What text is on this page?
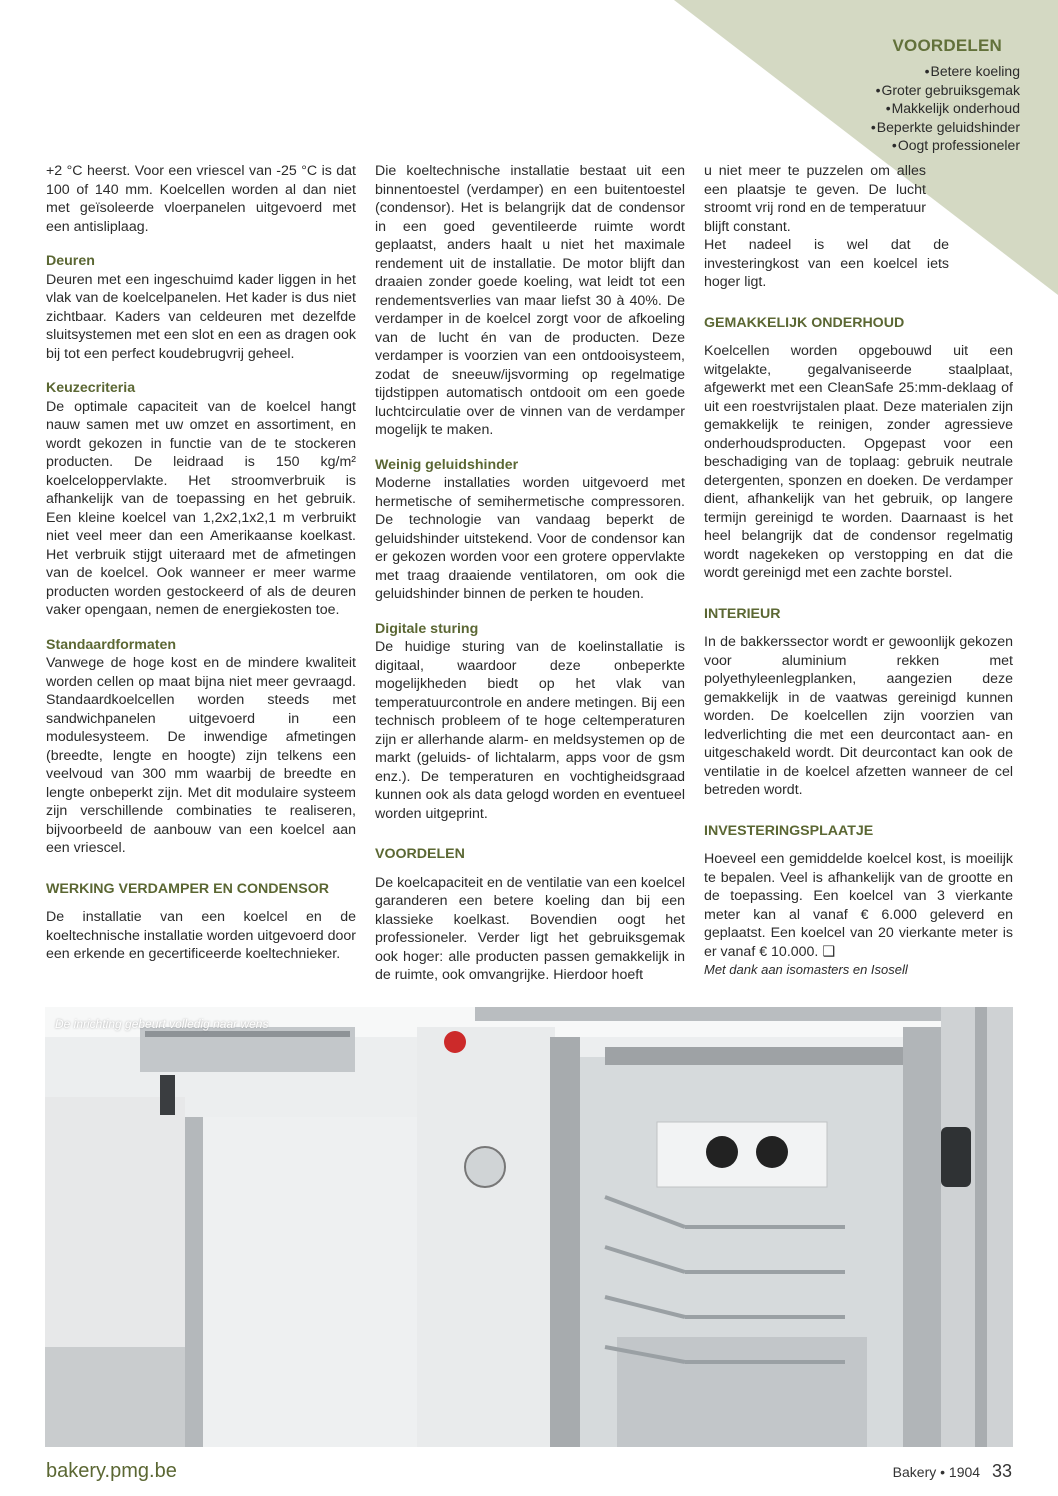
VOORDELEN
• Betere koeling
• Groter gebruiksgemak
• Makkelijk onderhoud
• Beperkte geluidshinder
• Oogt professioneler

+2 °C heerst. Voor een vriescel van -25 °C is dat 100 of 140 mm. Koelcellen worden al dan niet met geïsoleerde vloerpanelen uitgevoerd met een antisliplaag.

Deuren

Deuren met een ingeschuimd kader liggen in het vlak van de koelcelpanelen. Het kader is dus niet zichtbaar. Kaders van celdeuren met dezelfde sluitsystemen met een slot en een as dragen ook bij tot een perfect koudebrugvrij geheel.

Keuzecriteria

De optimale capaciteit van de koelcel hangt nauw samen met uw omzet en assortiment, en wordt gekozen in functie van de te stockeren producten. De leidraad is 150 kg/m² koelceloppervlakte. Het stroomverbruik is afhankelijk van de toepassing en het gebruik. Een kleine koelcel van 1,2x2,1x2,1 m verbruikt niet veel meer dan een Amerikaanse koelkast. Het verbruik stijgt uiteraard met de afmetingen van de koelcel. Ook wanneer er meer warme producten worden gestockeerd of als de deuren vaker opengaan, nemen de energiekosten toe.

Standaardformaten

Vanwege de hoge kost en de mindere kwaliteit worden cellen op maat bijna niet meer gevraagd. Standaardkoelcellen worden steeds met sandwichpanelen uitgevoerd in een modulesysteem. De inwendige afmetingen (breedte, lengte en hoogte) zijn telkens een veelvoud van 300 mm waarbij de breedte en lengte onbeperkt zijn. Met dit modulaire systeem zijn verschillende combinaties te realiseren, bijvoorbeeld de aanbouw van een koelcel aan een vriescel.

WERKING VERDAMPER EN CONDENSOR

De installatie van een koelcel en de koeltechnische installatie worden uitgevoerd door een erkende en gecertificeerde koeltechnieker.

Die koeltechnische installatie bestaat uit een binnentoestel (verdamper) en een buitentoestel (condensor). Het is belangrijk dat de condensor in een goed geventileerde ruimte wordt geplaatst, anders haalt u niet het maximale rendement uit de installatie. De motor blijft dan draaien zonder goede koeling, wat leidt tot een rendementsverlies van maar liefst 30 à 40%. De verdamper in de koelcel zorgt voor de afkoeling van de lucht én van de producten. Deze verdamper is voorzien van een ontdooisysteem, zodat de sneeuw/ijsvorming op regelmatige tijdstippen automatisch ontdooit om een goede luchtcirculatie over de vinnen van de verdamper mogelijk te maken.

Weinig geluidshinder

Moderne installaties worden uitgevoerd met hermetische of semihermetische compressoren. De technologie van vandaag beperkt de geluidshinder uitstekend. Voor de condensor kan er gekozen worden voor een grotere oppervlakte met traag draaiende ventilatoren, om ook die geluidshinder binnen de perken te houden.

Digitale sturing

De huidige sturing van de koelinstallatie is digitaal, waardoor deze onbeperkte mogelijkheden biedt op het vlak van temperatuurcontrole en andere metingen. Bij een technisch probleem of te hoge celtemperaturen zijn er allerhande alarm- en meldsystemen op de markt (geluids- of lichtalarm, apps voor de gsm enz.). De temperaturen en vochtigheidsgraad kunnen ook als data gelogd worden en eventueel worden uitgeprint.

VOORDELEN

De koelcapaciteit en de ventilatie van een koelcel garanderen een betere koeling dan bij een klassieke koelkast. Bovendien oogt het professioneler. Verder ligt het gebruiksgemak ook hoger: alle producten passen gemakkelijk in de ruimte, ook omvangrijke. Hierdoor hoeft

u niet meer te puzzelen om alles een plaatsje te geven. De lucht stroomt vrij rond en de temperatuur blijft constant.

Het nadeel is wel dat de investeringkost van een koelcel iets hoger ligt.

GEMAKKELIJK ONDERHOUD

Koelcellen worden opgebouwd uit een witgelakte, gegalvaniseerde staalplaat, afgewerkt met een CleanSafe 25:mm-deklaag of uit een roestvrijstalen plaat. Deze materialen zijn gemakkelijk te reinigen, zonder agressieve onderhoudsproducten. Opgepast voor een beschadiging van de toplaag: gebruik neutrale detergenten, sponzen en doeken. De verdamper dient, afhankelijk van het gebruik, op langere termijn gereinigd te worden. Daarnaast is het heel belangrijk dat de condensor regelmatig wordt nagekeken op verstopping en dat die wordt gereinigd met een zachte borstel.

INTERIEUR

In de bakkerssector wordt er gewoonlijk gekozen voor aluminium rekken met polyethyleenlegplanken, aangezien deze gemakkelijk in de vaatwas gereinigd kunnen worden. De koelcellen zijn voorzien van ledverlichting die met een deurcontact aan- en uitgeschakeld wordt. Dit deurcontact kan ook de ventilatie in de koelcel afzetten wanneer de cel betreden wordt.

INVESTERINGSPLAATJE

Hoeveel een gemiddelde koelcel kost, is moeilijk te bepalen. Veel is afhankelijk van de grootte en de toepassing. Een koelcel van 3 vierkante meter kan al vanaf € 6.000 geleverd en geplaatst. Een koelcel van 20 vierkante meter is er vanaf € 10.000. ❑

Met dank aan isomasters en Isosell

De inrichting gebeurt volledig naar wens
bakery.pmg.be	Bakery • 1904 33
